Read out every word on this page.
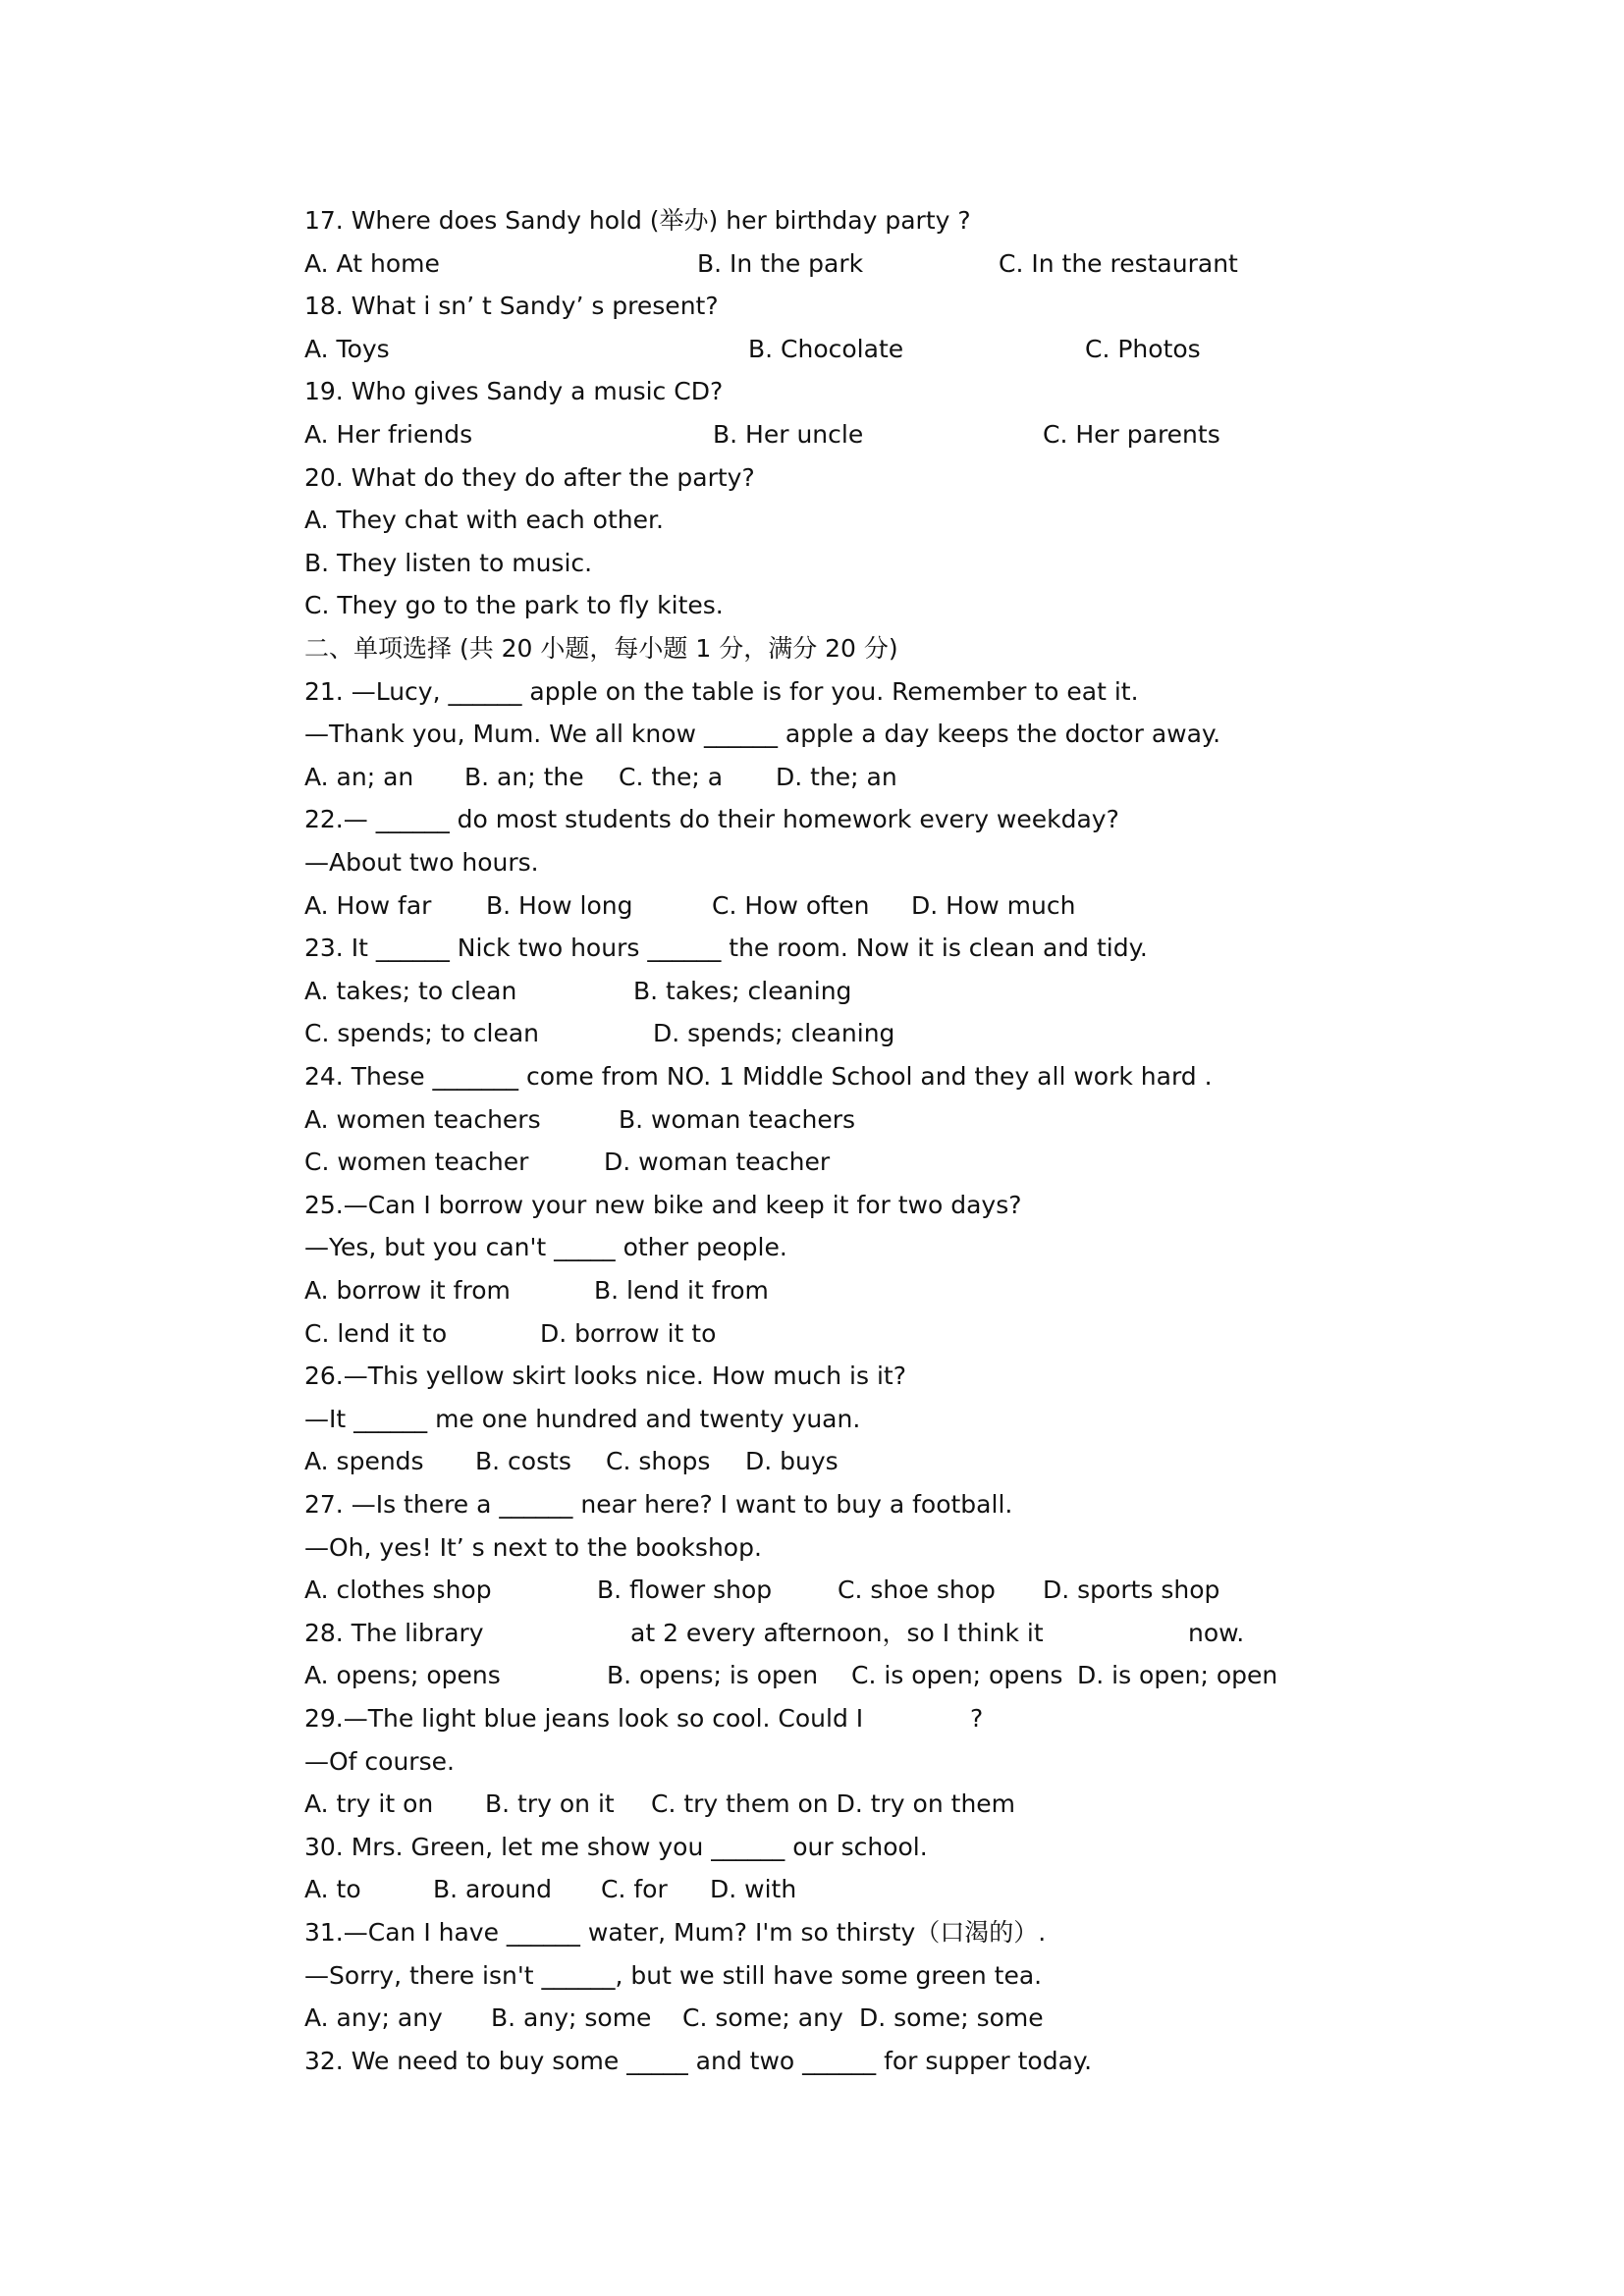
17. Where does Sandy hold (举办) her birthday party ?
A. At home	B. In the park	C. In the restaurant
18. What i sn’ t Sandy’ s present?
A. Toys	B. Chocolate	C. Photos
19. Who gives Sandy a music CD?
A. Her friends	B. Her uncle	C. Her parents
20. What do they do after the party?
A. They chat with each other.
B. They listen to music.
C. They go to the park to fly kites.
二、单项选择 (共 20 小题，每小题 1 分，满分 20 分)
21. —Lucy, ______ apple on the table is for you. Remember to eat it.
—Thank you, Mum. We all know ______ apple a day keeps the doctor away.
A. an; an B. an; the C. the; a D. the; an
22.— ______ do most students do their homework every weekday?
—About two hours.
A. How far B. How long	C. How often D. How much
23. It ______ Nick two hours ______ the room. Now it is clean and tidy.
A. takes; to clean	B. takes; cleaning
C. spends; to clean	D. spends; cleaning
24. These _______ come from NO. 1 Middle School and they all work hard .
A. women teachers	B. woman teachers
C. women teacher	D. woman teacher
25.—Can I borrow your new bike and keep it for two days?
—Yes, but you can't _____ other people.
A. borrow it from	B. lend it from
C. lend it to	D. borrow it to
26.—This yellow skirt looks nice. How much is it?
—It ______ me one hundred and twenty yuan.
A. spends B. costs C. shops D. buys
27. —Is there a ______ near here? I want to buy a football.
—Oh, yes! It’ s next to the bookshop.
A. clothes shop	B. flower shop	C. shoe shop D. sports shop
28. The library	at 2 every afternoon，so I think it	now.
A. opens; opens	B. opens; is open C. is open; opens D. is open; open
29.—The light blue jeans look so cool. Could I	?
—Of course.
A. try it on B. try on it C. try them on D. try on them
30. Mrs. Green, let me show you ______ our school.
A. to	B. around C. for D. with
31.—Can I have ______ water, Mum? I'm so thirsty（口渴的）.
—Sorry, there isn't ______, but we still have some green tea.
A. any; any B. any; some C. some; any D. some; some
32. We need to buy some _____ and two ______ for supper today.
